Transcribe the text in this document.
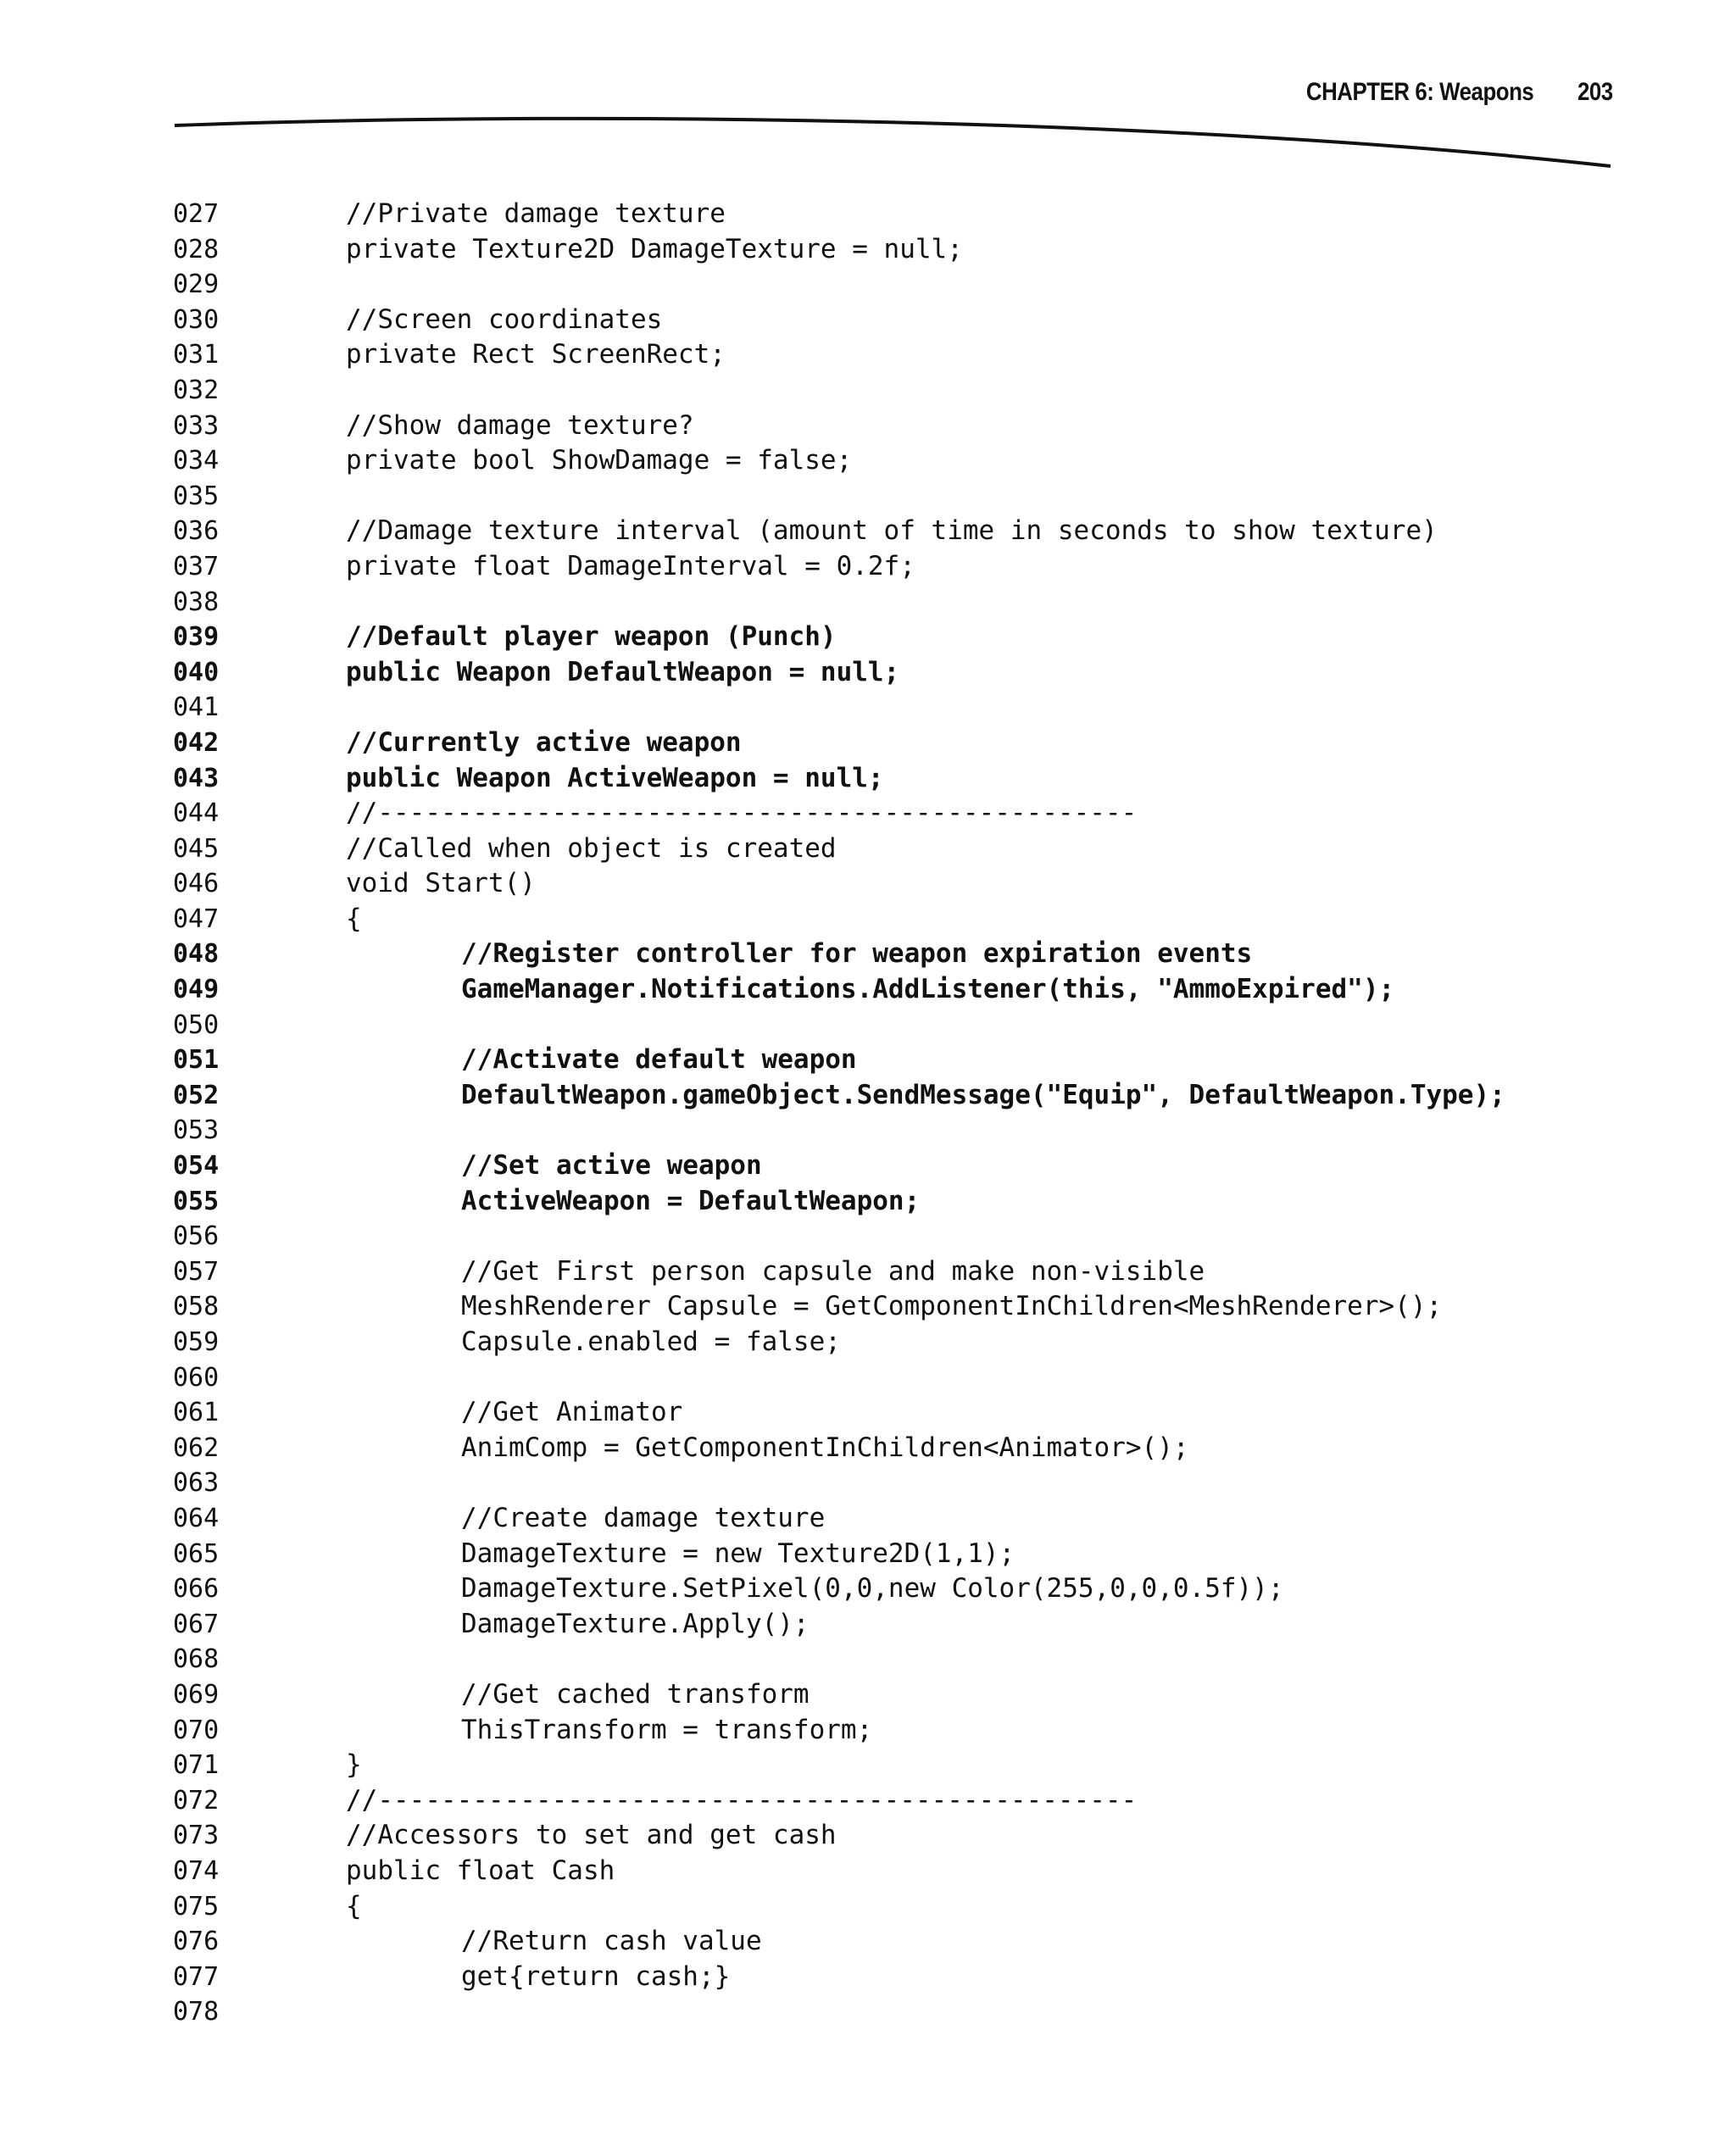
CHAPTER 6: Weapons 203
027	//Private damage texture
028	private Texture2D DamageTexture = null;
029
030	//Screen coordinates
031	private Rect ScreenRect;
032
033	//Show damage texture?
034	private bool ShowDamage = false;
035
036	//Damage texture interval (amount of time in seconds to show texture)
037	private float DamageInterval = 0.2f;
038
039	//Default player weapon (Punch)
040	public Weapon DefaultWeapon = null;
041
042	//Currently active weapon
043	public Weapon ActiveWeapon = null;
044	//------------------------------------------------
045	//Called when object is created
046	void Start()
047	{
048	//Register controller for weapon expiration events
049	GameManager.Notifications.AddListener(this, "AmmoExpired");
050
051	//Activate default weapon
052	DefaultWeapon.gameObject.SendMessage("Equip", DefaultWeapon.Type);
053
054	//Set active weapon
055	ActiveWeapon = DefaultWeapon;
056
057	//Get First person capsule and make non-visible
058	MeshRenderer Capsule = GetComponentInChildren<MeshRenderer>();
059	Capsule.enabled = false;
060
061	//Get Animator
062	AnimComp = GetComponentInChildren<Animator>();
063
064	//Create damage texture
065	DamageTexture = new Texture2D(1,1);
066	DamageTexture.SetPixel(0,0,new Color(255,0,0,0.5f));
067	DamageTexture.Apply();
068
069	//Get cached transform
070	ThisTransform = transform;
071	}
072	//------------------------------------------------
073	//Accessors to set and get cash
074	public float Cash
075	{
076	//Return cash value
077	get{return cash;}
078
